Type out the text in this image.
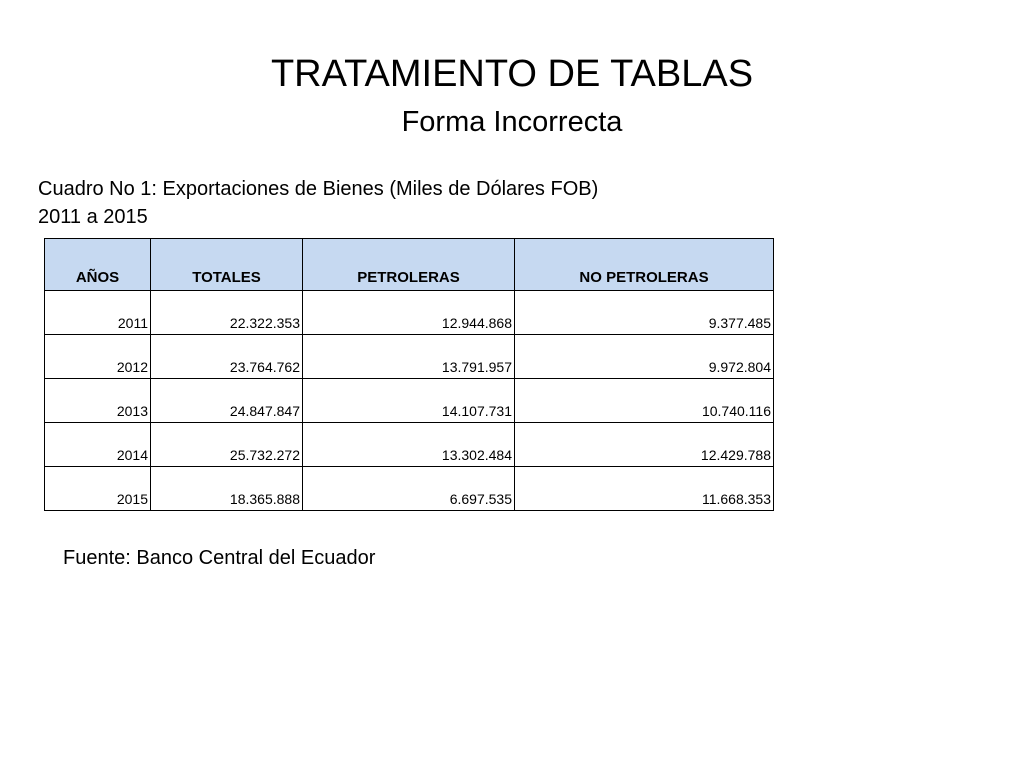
TRATAMIENTO DE TABLAS
Forma Incorrecta
Cuadro No 1: Exportaciones de Bienes (Miles de Dólares FOB)
2011 a 2015
AÑOS	TOTALES	PETROLERAS	NO PETROLERAS
2011	22.322.353	12.944.868	9.377.485
2012	23.764.762	13.791.957	9.972.804
2013	24.847.847	14.107.731	10.740.116
2014	25.732.272	13.302.484	12.429.788
2015	18.365.888	6.697.535	11.668.353
Fuente: Banco Central del Ecuador
